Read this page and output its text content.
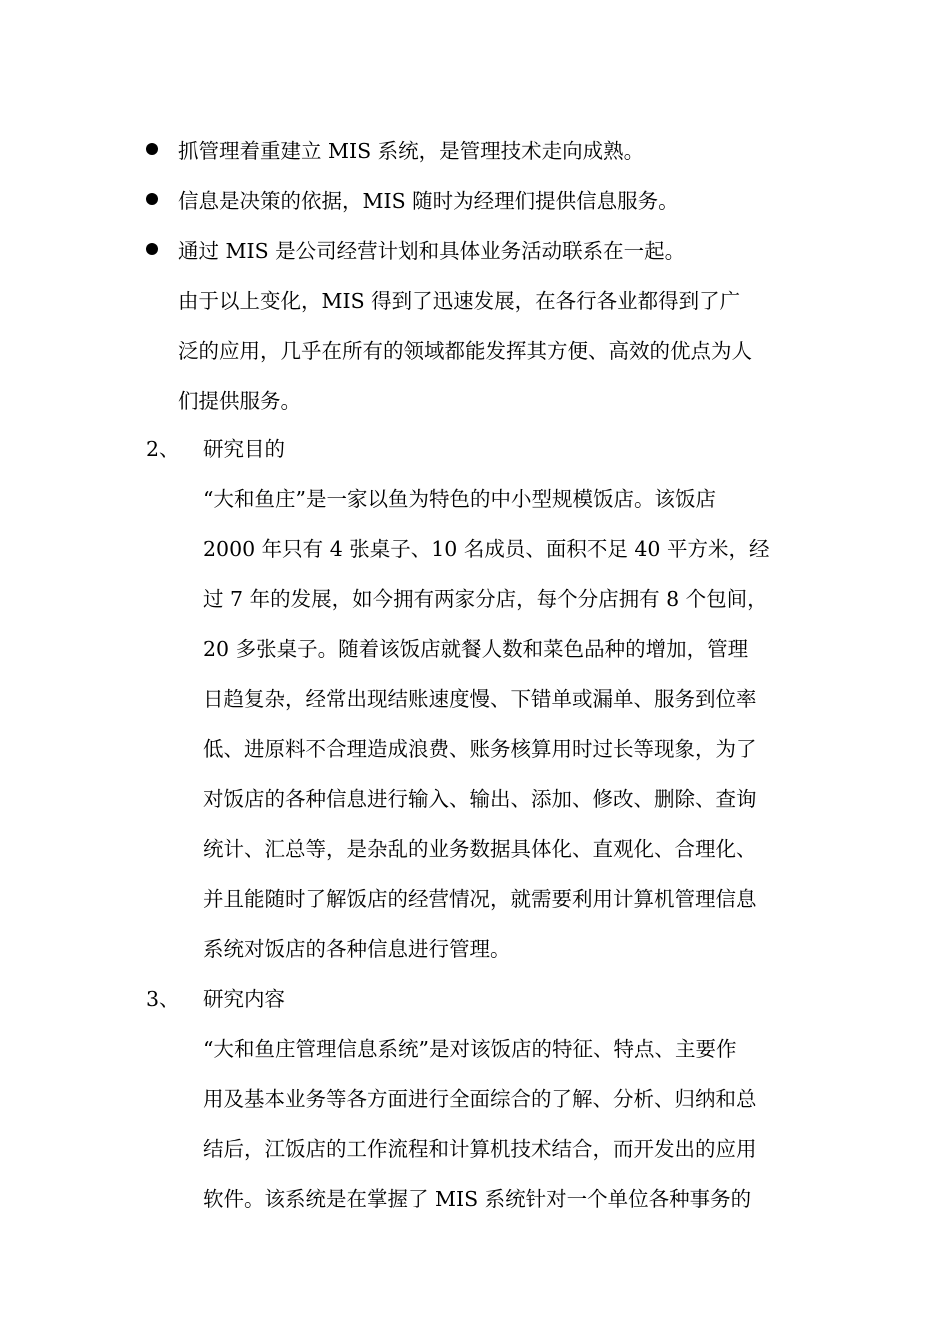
抓管理着重建立 MIS 系统，是管理技术走向成熟。
信息是决策的依据，MIS 随时为经理们提供信息服务。
通过 MIS 是公司经营计划和具体业务活动联系在一起。
由于以上变化，MIS 得到了迅速发展，在各行各业都得到了广
泛的应用，几乎在所有的领域都能发挥其方便、高效的优点为人
们提供服务。
2、 研究目的
“大和鱼庄”是一家以鱼为特色的中小型规模饭店。该饭店
2000 年只有 4 张桌子、10 名成员、面积不足 40 平方米，经
过 7 年的发展，如今拥有两家分店，每个分店拥有 8 个包间，
20 多张桌子。随着该饭店就餐人数和菜色品种的增加，管理
日趋复杂，经常出现结账速度慢、下错单或漏单、服务到位率
低、进原料不合理造成浪费、账务核算用时过长等现象，为了
对饭店的各种信息进行输入、输出、添加、修改、删除、查询
统计、汇总等，是杂乱的业务数据具体化、直观化、合理化、
并且能随时了解饭店的经营情况，就需要利用计算机管理信息
系统对饭店的各种信息进行管理。
3、 研究内容
“大和鱼庄管理信息系统”是对该饭店的特征、特点、主要作
用及基本业务等各方面进行全面综合的了解、分析、归纳和总
结后，江饭店的工作流程和计算机技术结合，而开发出的应用
软件。该系统是在掌握了 MIS 系统针对一个单位各种事务的
